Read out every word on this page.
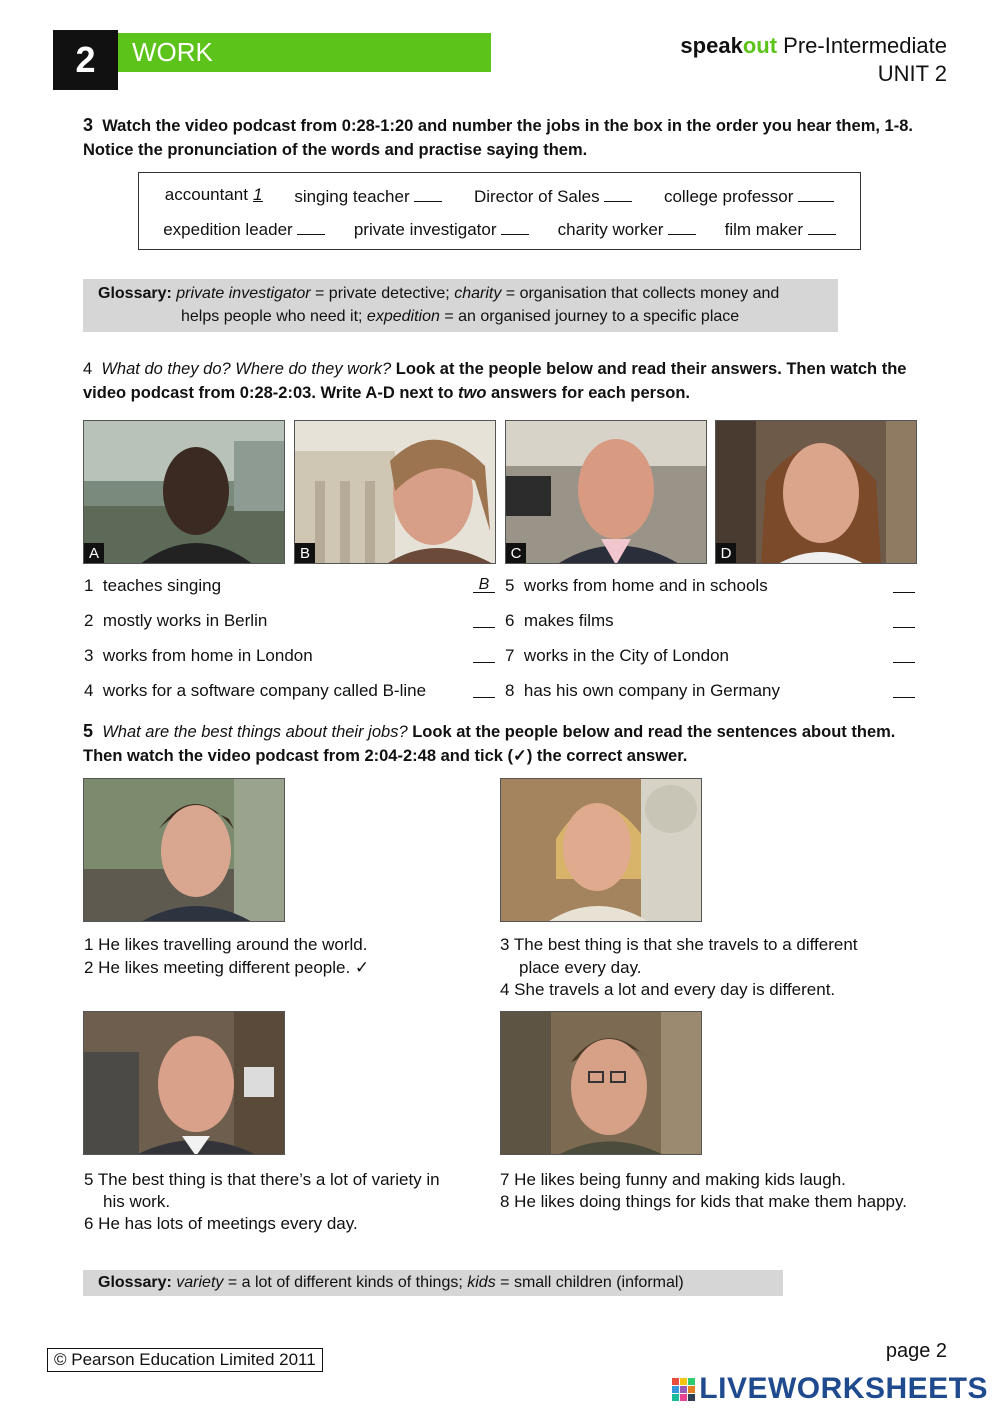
2	WORK	speakout Pre-Intermediate
UNIT 2
3 Watch the video podcast from 0:28-1:20 and number the jobs in the box in the order you hear them, 1-8. Notice the pronunciation of the words and practise saying them.
accountant 1 singing teacher	Director of Sales	college professor
expedition leader	private investigator	charity worker	film maker
Glossary: private investigator = private detective; charity = organisation that collects money and
helps people who need it; expedition = an organised journey to a specific place
4 What do they do? Where do they work? Look at the people below and read their answers. Then watch the video podcast from 0:28-2:03. Write A-D next to two answers for each person.
A	B	C	D
1 teaches singing	B
2 mostly works in Berlin
3 works from home in London
4 works for a software company called B-line
5 works from home and in schools
6 makes films
7 works in the City of London
8 has his own company in Germany
5 What are the best things about their jobs? Look at the people below and read the sentences about them. Then watch the video podcast from 2:04-2:48 and tick (✓) the correct answer.
1 He likes travelling around the world.
2 He likes meeting different people. ✓
3 The best thing is that she travels to a different
place every day.
4 She travels a lot and every day is different.
5 The best thing is that there’s a lot of variety in
his work.
6 He has lots of meetings every day.
7 He likes being funny and making kids laugh.
8 He likes doing things for kids that make them happy.
Glossary: variety = a lot of different kinds of things; kids = small children (informal)
© Pearson Education Limited 2011	page 2
LIVEWORKSHEETS
